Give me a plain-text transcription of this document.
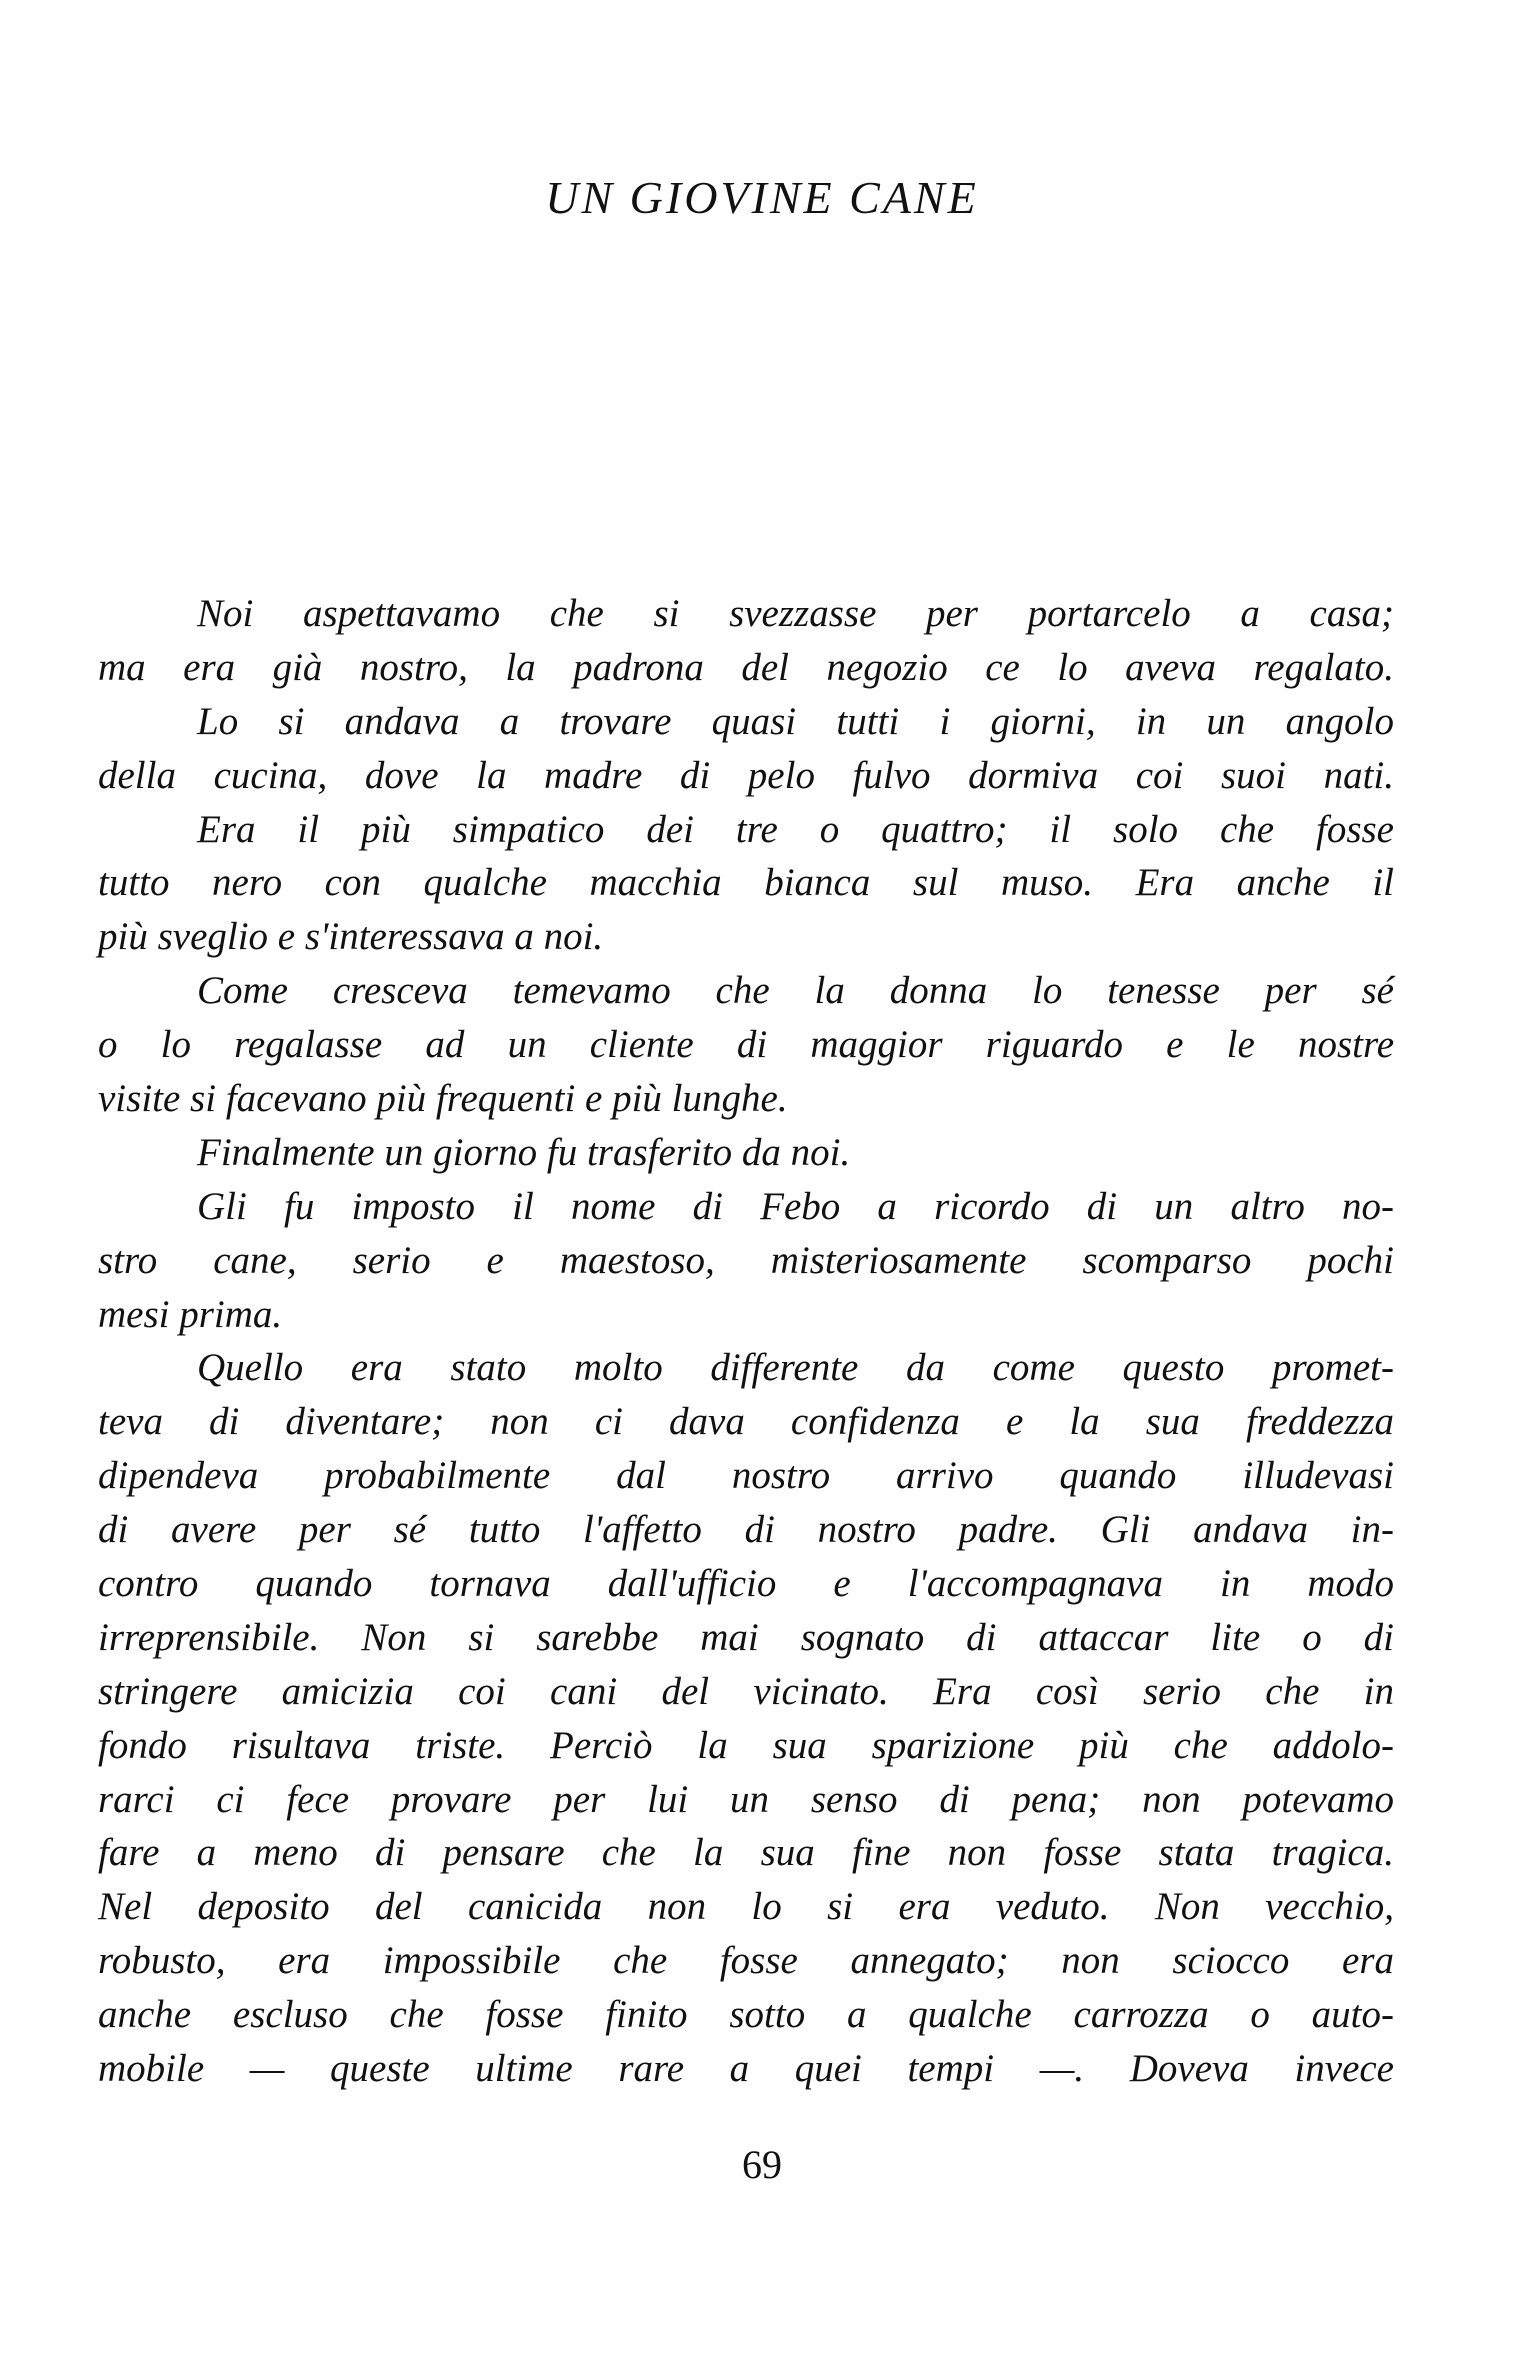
UN GIOVINE CANE
Noi aspettavamo che si svezzasse per portarcelo a casa;
ma era già nostro, la padrona del negozio ce lo aveva regalato.
Lo si andava a trovare quasi tutti i giorni, in un angolo
della cucina, dove la madre di pelo fulvo dormiva coi suoi nati.
Era il più simpatico dei tre o quattro; il solo che fosse
tutto nero con qualche macchia bianca sul muso. Era anche il
più sveglio e s'interessava a noi.
Come cresceva temevamo che la donna lo tenesse per sé
o lo regalasse ad un cliente di maggior riguardo e le nostre
visite si facevano più frequenti e più lunghe.
Finalmente un giorno fu trasferito da noi.
Gli fu imposto il nome di Febo a ricordo di un altro no-
stro cane, serio e maestoso, misteriosamente scomparso pochi
mesi prima.
Quello era stato molto differente da come questo promet-
teva di diventare; non ci dava confidenza e la sua freddezza
dipendeva probabilmente dal nostro arrivo quando illudevasi
di avere per sé tutto l'affetto di nostro padre. Gli andava in-
contro quando tornava dall'ufficio e l'accompagnava in modo
irreprensibile. Non si sarebbe mai sognato di attaccar lite o di
stringere amicizia coi cani del vicinato. Era così serio che in
fondo risultava triste. Perciò la sua sparizione più che addolo-
rarci ci fece provare per lui un senso di pena; non potevamo
fare a meno di pensare che la sua fine non fosse stata tragica.
Nel deposito del canicida non lo si era veduto. Non vecchio,
robusto, era impossibile che fosse annegato; non sciocco era
anche escluso che fosse finito sotto a qualche carrozza o auto-
mobile — queste ultime rare a quei tempi —. Doveva invece
69
